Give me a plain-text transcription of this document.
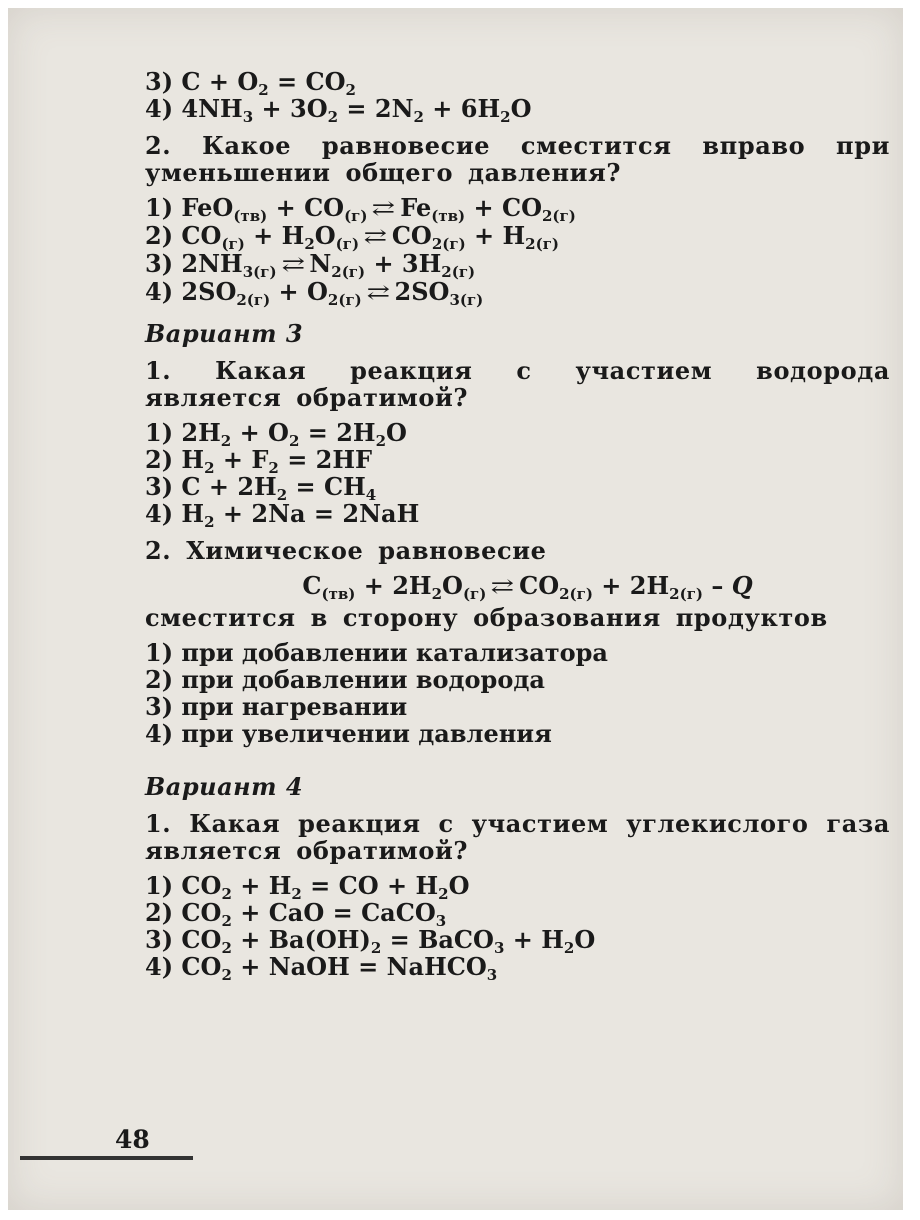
3) $C + O_2 = CO_2$
4) $4NH_3 + 3O_2 = 2N_2 + 6H_2O$
2. Какое равновесие сместится вправо при уменьшении общего давления?
1) $FeO_{(тв)} + CO_{(г)}$ ⇄ $Fe_{(тв)} + CO_{2(г)}$
2) $CO_{(г)} + H_2O_{(г)}$ ⇄ $CO_{2(г)} + H_{2(г)}$
3) $2NH_{3(г)}$ ⇄ $N_{2(г)} + 3H_{2(г)}$
4) $2SO_{2(г)} + O_{2(г)}$ ⇄ $2SO_{3(г)}$
Вариант 3
1. Какая реакция с участием водорода является обратимой?
1) $2H_2 + O_2 = 2H_2O$
2) $H_2 + F_2 = 2HF$
3) $C + 2H_2 = CH_4$
4) $H_2 + 2Na = 2NaH$
2. Химическое равновесие
$C_{(тв)} + 2H_2O_{(г)}$ ⇄ $CO_{2(г)} + 2H_{2(г)} - Q$
сместится в сторону образования продуктов
1) при добавлении катализатора
2) при добавлении водорода
3) при нагревании
4) при увеличении давления
Вариант 4
1. Какая реакция с участием углекислого газа является обратимой?
1) $CO_2 + H_2$ = CO + $H_2O$
2) $CO_2$ + CaO = CaCO$_3$
3) $CO_2 + Ba(OH)_2$ = BaCO$_3$ + $H_2O$
4) $CO_2$ + NaOH = NaHCO$_3$
48
